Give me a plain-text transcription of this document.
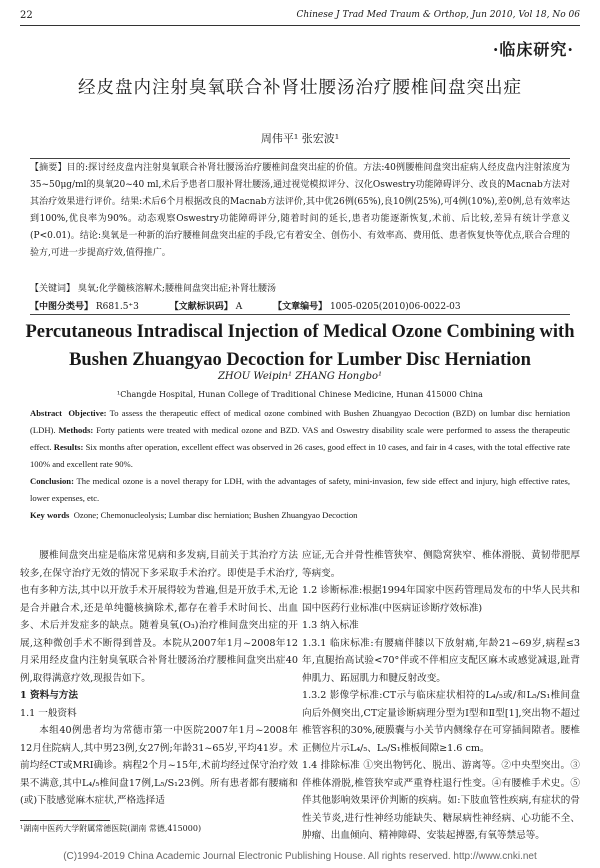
22	Chinese J Trad Med Traum & Orthop, Jun 2010, Vol 18, No 06
·临床研究·
经皮盘内注射臭氧联合补肾壮腰汤治疗腰椎间盘突出症
周伟平¹ 张宏波¹

【摘要】目的:探讨经皮盘内注射臭氧联合补肾壮腰汤治疗腰椎间盘突出症的价值。方法:40例腰椎间盘突出症病人经皮盘内注射浓度为35~50μg/ml的臭氧20~40 ml,术后予患者口服补肾壮腰汤,通过视觉模拟评分、汉化Oswestry功能障碍评分、改良的Macnab方法对其治疗效果进行评价。结果:术后6个月根据改良的Macnab方法评价,其中优26例(65%),良10例(25%),可4例(10%),差0例,总有效率达到100%,优良率为90%。动态观察Oswestry功能障碍评分,随着时间的延长,患者功能逐渐恢复,术前、后比较,差异有统计学意义(P<0.01)。结论:臭氧是一种新的治疗腰椎间盘突出症的手段,它有着安全、创伤小、有效率高、费用低、患者恢复快等优点,联合合理的验方,可进一步提高疗效,值得推广。

【关键词】 臭氧;化学髓核溶解术;腰椎间盘突出症;补肾壮腰汤
【中图分类号】 R681.5⁺3	【文献标识码】 A	【文章编号】 1005-0205(2010)06-0022-03
Percutaneous Intradiscal Injection of Medical Ozone Combining with Bushen Zhuangyao Decoction for Lumber Disc Herniation
ZHOU Weipin¹ ZHANG Hongbo¹
¹Changde Hospital, Hunan College of Traditional Chinese Medicine, Hunan 415000 China

Abstract Objective: To assess the therapeutic effect of medical ozone combined with Bushen Zhuangyao Decoction (BZD) on lumbar disc herniation (LDH). Methods: Forty patients were treated with medical ozone and BZD. VAS and Oswestry disability scale were performed to assess the therapeutic effect. Results: Six months after operation, excellent effect was observed in 26 cases, good effect in 10 cases, and fair in 4 cases, with the total effective rate 100% and excellent rate 90%.

Conclusion: The medical ozone is a novel therapy for LDH, with the advantages of safety, mini-invasion, few side effect and injury, high effective rates, lower expenses, etc.

Key words Ozone; Chemonucleolysis; Lumbar disc herniation; Bushen Zhuangyao Decoction

腰椎间盘突出症是临床常见病和多发病,目前关于其治疗方法较多,在保守治疗无效的情况下多采取手术治疗。即使是手术治疗,也有多种方法,其中以开放手术开展得较为普遍,但是开放手术,无论是合并融合术,还是单纯髓核摘除术,都存在着手术时间长、出血多、术后并发症多的缺点。随着臭氧(O₃)治疗椎间盘突出症的开展,这种微创手术不断得到普及。本院从2007年1月~2008年12月采用经皮盘内注射臭氧联合补肾壮腰汤治疗腰椎间盘突出症40例,取得满意疗效,现报告如下。

1 资料与方法

1.1 一般资料

本组40例患者均为常德市第一中医院2007年1月~2008年12月住院病人,其中男23例,女27例;年龄31~65岁,平均41岁。术前均经CT或MRI确诊。病程2个月~15年,术前均经过保守治疗效果不满意,其中L₄/₅椎间盘17例,L₅/S₁23例。所有患者都有腰痛和(或)下肢感觉麻木症状,严格选择适

应证,无合并骨性椎管狭窄、侧隐窝狭窄、椎体滑脱、黄韧带肥厚等病变。

1.2 诊断标准:根据1994年国家中医药管理局发布的中华人民共和国中医药行业标准(中医病证诊断疗效标准)

1.3 纳入标准

1.3.1 临床标准:有腰痛伴膝以下放射痛,年龄21~69岁,病程≤3年,直腿抬高试验<70°伴或不伴相应支配区麻木或感觉减退,趾背伸肌力、跖屈肌力和腱反射改变。

1.3.2 影像学标准:CT示与临床症状相符的L₄/₅或/和L₅/S₁椎间盘向后外侧突出,CT定量诊断病理分型为Ⅰ型和Ⅱ型[1],突出物不超过椎管容积的30%,硬膜囊与小关节内侧缘存在可穿插间隙者。腰椎正侧位片示L₄/₅、L₅/S₁椎板间隙≥1.6 cm。

1.4 排除标准 ①突出物钙化、脱出、游离等。②中央型突出。③伴椎体滑脱,椎管狭窄或严重脊柱退行性变。④有腰椎手术史。⑤伴其他影响效果评价判断的疾病。如:下肢血管性疾病,有症状的骨性关节炎,进行性神经功能缺失、糖尿病性神经病、心功能不全、肿瘤、出血倾向、精神障碍、安装起搏器,有氧等禁忌等。

¹湖南中医药大学附属常德医院(湖南 常德,415000)
(C)1994-2019 China Academic Journal Electronic Publishing House. All rights reserved. http://www.cnki.net
